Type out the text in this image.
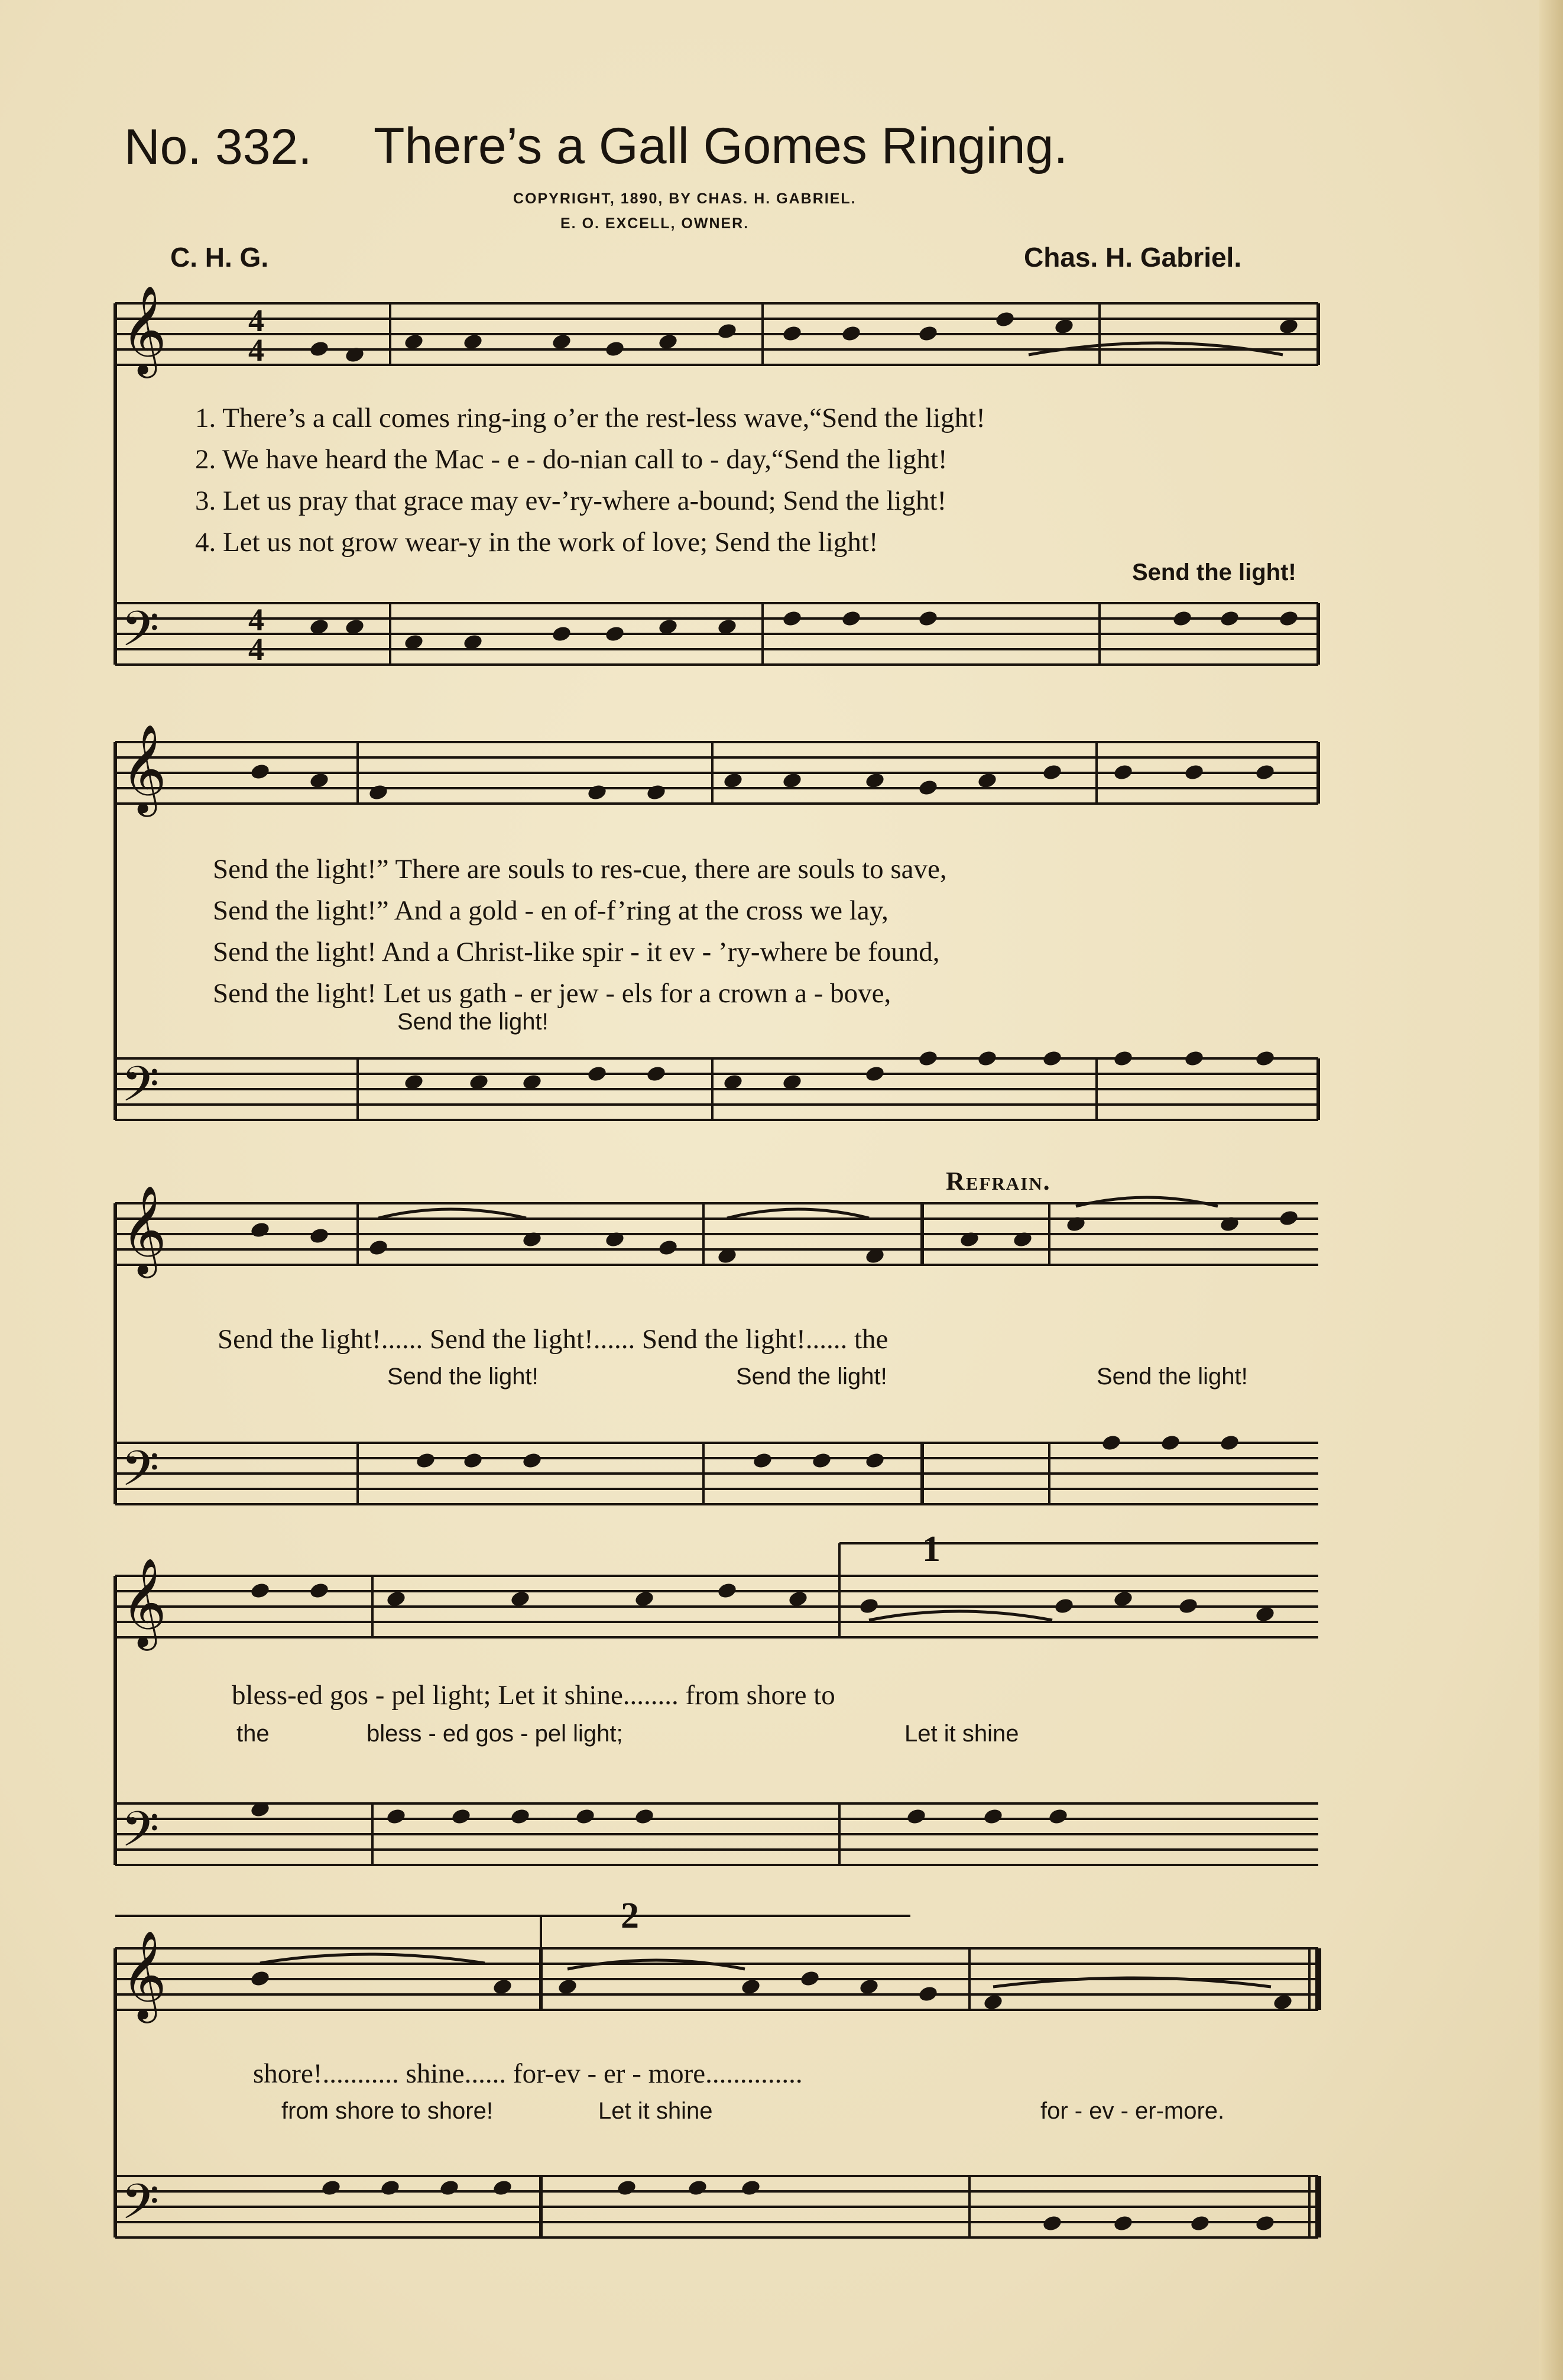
No. 332. There’s a Gall Gomes Ringing.
COPYRIGHT, 1890, BY CHAS. H. GABRIEL.
E. O. EXCELL, OWNER.
C. H. G.	Chas. H. Gabriel.
𝄞
𝄢
4
4
4
4
𝄞
𝄢
𝄞
𝄢
𝄞
𝄢
𝄞
𝄢
1. There’s a call comes ring-ing o’er the rest-less wave,“Send the light!
2. We have heard the Mac - e - do-nian call to - day,“Send the light!
3. Let us pray that grace may ev-’ry-where a-bound; Send the light!
4. Let us not grow wear-y in the work of love; Send the light!
Send the light!
Send the light!” There are souls to res-cue, there are souls to save,
Send the light!” And a gold - en of-f’ring at the cross we lay,
Send the light! And a Christ-like spir - it ev - ’ry-where be found,
Send the light! Let us gath - er jew - els for a crown a - bove,
Send the light!
Refrain.
Send the light!...... Send the light!...... Send the light!...... the
Send the light!	Send the light!	Send the light!
1
bless-ed gos - pel light; Let it shine........ from shore to
the	bless - ed gos - pel light;	Let it shine
2
shore!........... shine...... for-ev - er - more..............
from shore to shore!	Let it shine	for - ev - er-more.
